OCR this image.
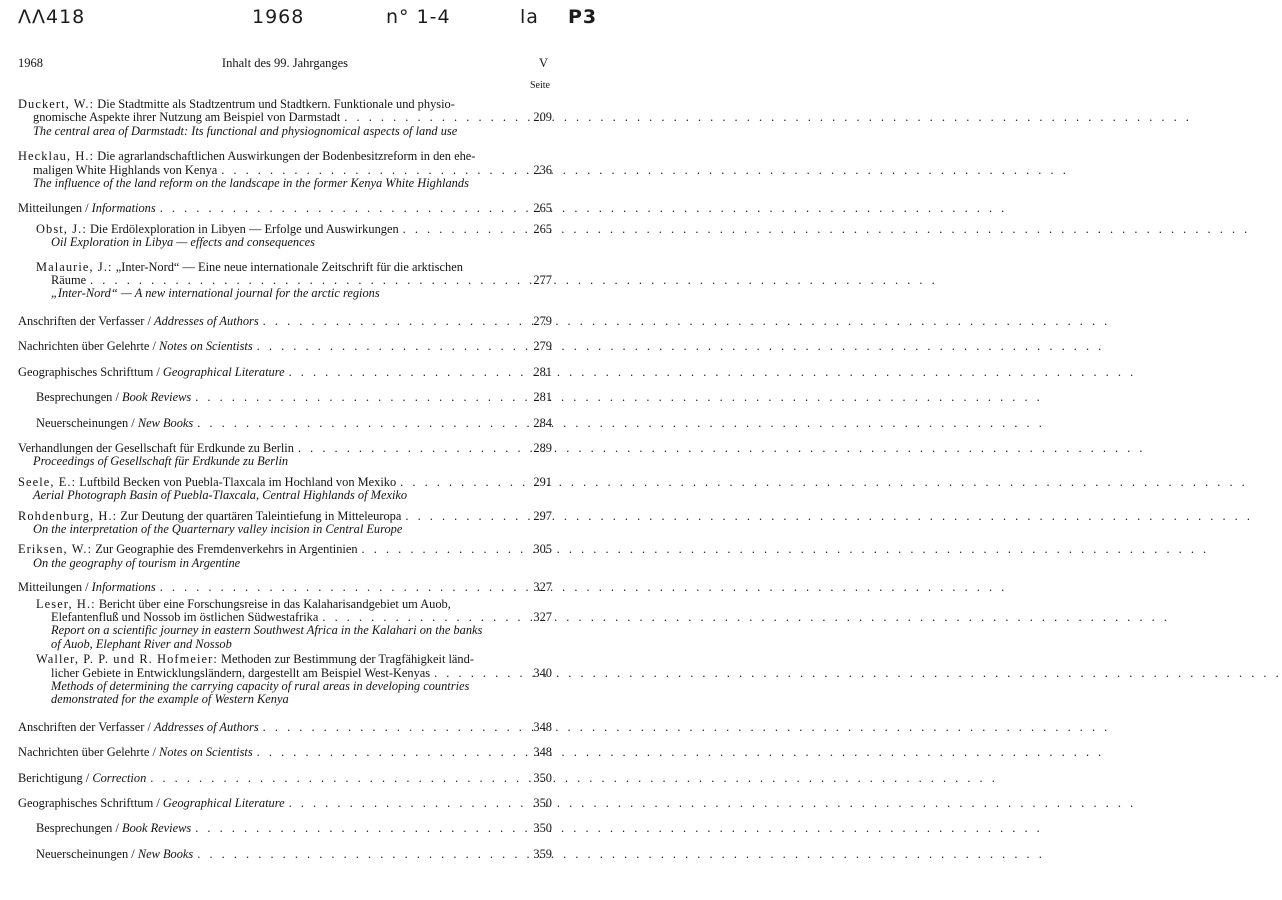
ΛΛ418	1968	n° 1-4	la P3
1968	Inhalt des 99. Jahrganges	V
Seite
Duckert, W.: Die Stadtmitte als Stadtzentrum und Stadtkern. Funktionale und physio-
gnomische Aspekte ihrer Nutzung am Beispiel von Darmstadt . . .	209
The central area of Darmstadt: Its functional and physiognomical aspects of land use
Hecklau, H.: Die agrarlandschaftlichen Auswirkungen der Bodenbesitzreform in den ehe-
maligen White Highlands von Kenya . . .	236
The influence of the land reform on the landscape in the former Kenya White Highlands
Mitteilungen / Informations . . .	265
Obst, J.: Die Erdölexploration in Libyen — Erfolge und Auswirkungen . . .	265
Oil Exploration in Libya — effects and consequences
Malaurie, J.: „Inter-Nord“ — Eine neue internationale Zeitschrift für die arktischen
Räume . . .	277
„Inter-Nord“ — A new international journal for the arctic regions
Anschriften der Verfasser / Addresses of Authors . . .	279
Nachrichten über Gelehrte / Notes on Scientists . . .	279
Geographisches Schrifttum / Geographical Literature . . .	281
Besprechungen / Book Reviews . . .	281
Neuerscheinungen / New Books . . .	284
Verhandlungen der Gesellschaft für Erdkunde zu Berlin . . .	289
Proceedings of Gesellschaft für Erdkunde zu Berlin
Seele, E.: Luftbild Becken von Puebla-Tlaxcala im Hochland von Mexiko . . .	291
Aerial Photograph Basin of Puebla-Tlaxcala, Central Highlands of Mexiko
Rohdenburg, H.: Zur Deutung der quartären Taleintiefung in Mitteleuropa . . .	297
On the interpretation of the Quarternary valley incision in Central Europe
Eriksen, W.: Zur Geographie des Fremdenverkehrs in Argentinien . . .	305
On the geography of tourism in Argentine
Mitteilungen / Informations . . .	327
Leser, H.: Bericht über eine Forschungsreise in das Kalaharisandgebiet um Auob,
Elefantenfluß und Nossob im östlichen Südwestafrika . . .	327
Report on a scientific journey in eastern Southwest Africa in the Kalahari on the banks
of Auob, Elephant River and Nossob
Waller, P. P. und R. Hofmeier: Methoden zur Bestimmung der Tragfähigkeit länd-
licher Gebiete in Entwicklungsländern, dargestellt am Beispiel West-Kenyas . . .	340
Methods of determining the carrying capacity of rural areas in developing countries
demonstrated for the example of Western Kenya
Anschriften der Verfasser / Addresses of Authors . . .	348
Nachrichten über Gelehrte / Notes on Scientists . . .	348
Berichtigung / Correction . . .	350
Geographisches Schrifttum / Geographical Literature . . .	350
Besprechungen / Book Reviews . . .	350
Neuerscheinungen / New Books . . .	359
